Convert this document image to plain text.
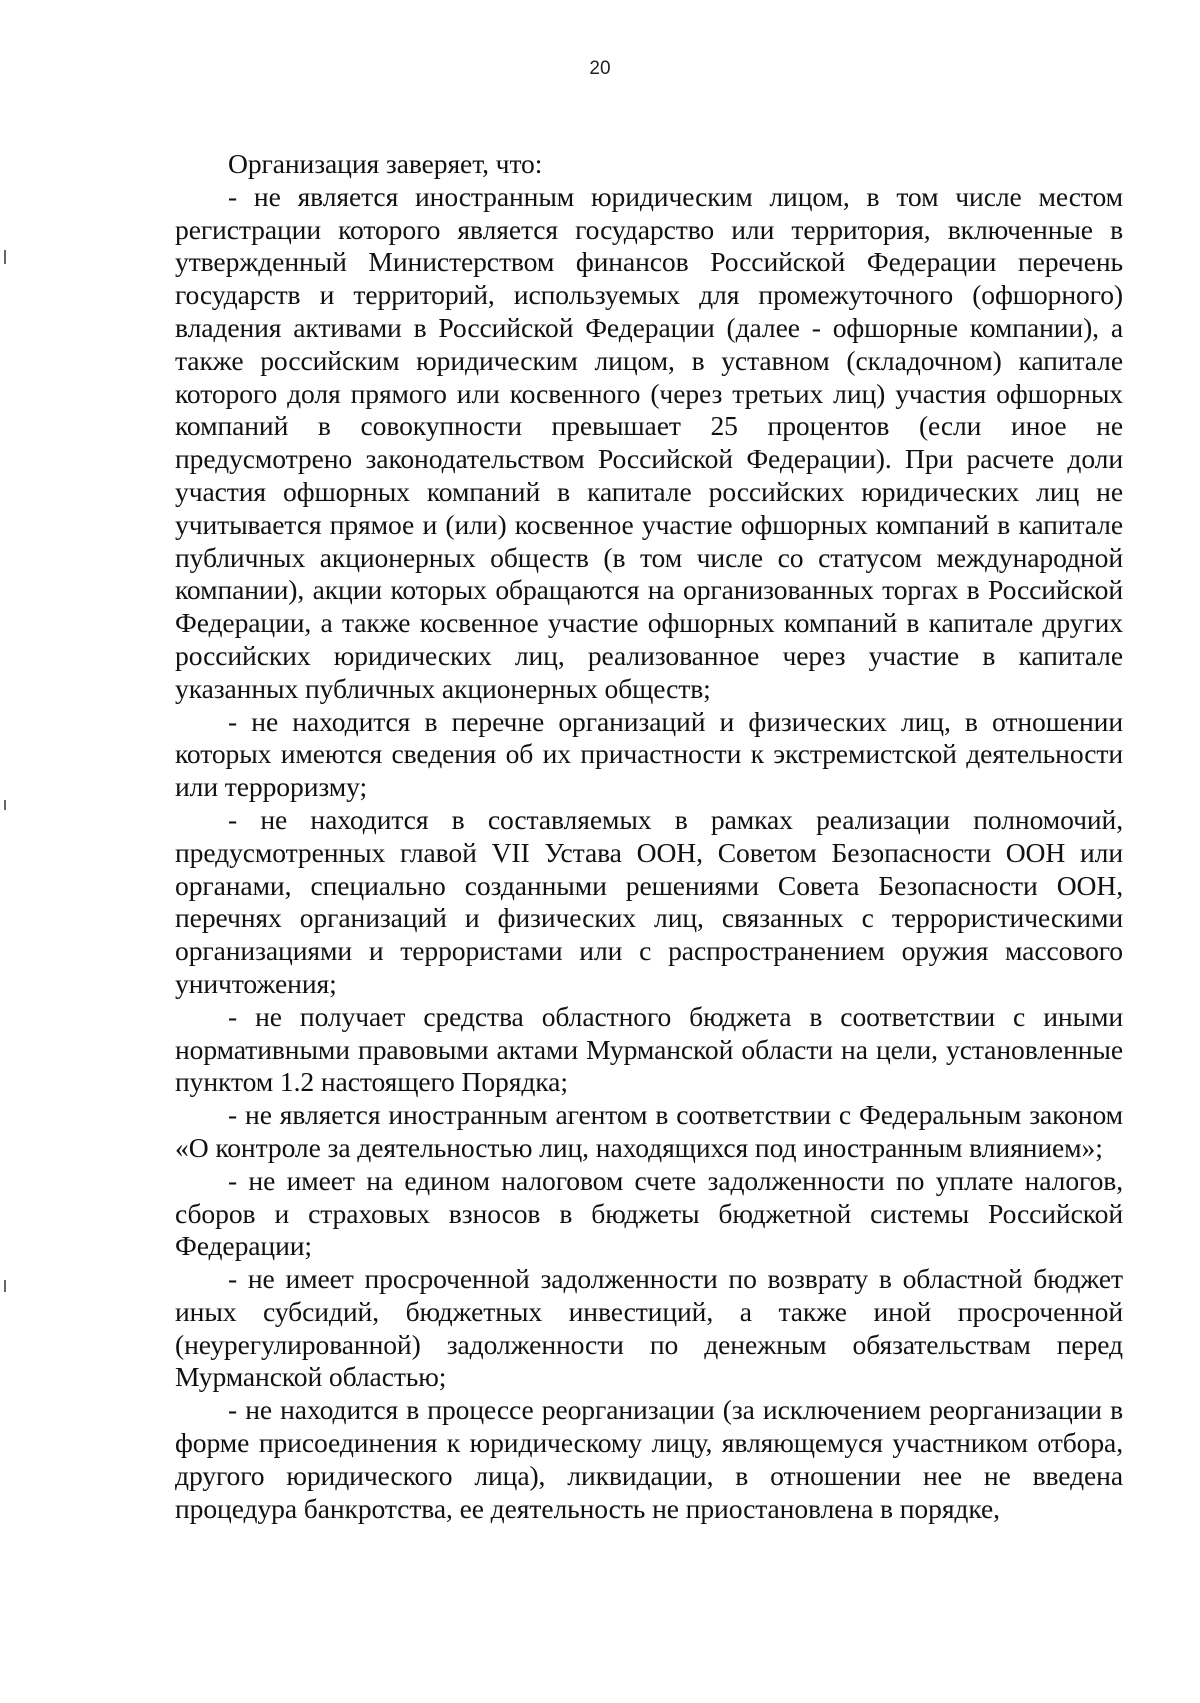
20

Организация заверяет, что:

- не является иностранным юридическим лицом, в том числе местом регистрации которого является государство или территория, включенные в утвержденный Министерством финансов Российской Федерации перечень государств и территорий, используемых для промежуточного (офшорного) владения активами в Российской Федерации (далее - офшорные компании), а также российским юридическим лицом, в уставном (складочном) капитале которого доля прямого или косвенного (через третьих лиц) участия офшорных компаний в совокупности превышает 25 процентов (если иное не предусмотрено законодательством Российской Федерации). При расчете доли участия офшорных компаний в капитале российских юридических лиц не учитывается прямое и (или) косвенное участие офшорных компаний в капитале публичных акционерных обществ (в том числе со статусом международной компании), акции которых обращаются на организованных торгах в Российской Федерации, а также косвенное участие офшорных компаний в капитале других российских юридических лиц, реализованное через участие в капитале указанных публичных акционерных обществ;

- не находится в перечне организаций и физических лиц, в отношении которых имеются сведения об их причастности к экстремистской деятельности или терроризму;

- не находится в составляемых в рамках реализации полномочий, предусмотренных главой VII Устава ООН, Советом Безопасности ООН или органами, специально созданными решениями Совета Безопасности ООН, перечнях организаций и физических лиц, связанных с террористическими организациями и террористами или с распространением оружия массового уничтожения;

- не получает средства областного бюджета в соответствии с иными нормативными правовыми актами Мурманской области на цели, установленные пунктом 1.2 настоящего Порядка;

- не является иностранным агентом в соответствии с Федеральным законом «О контроле за деятельностью лиц, находящихся под иностранным влиянием»;

- не имеет на едином налоговом счете задолженности по уплате налогов, сборов и страховых взносов в бюджеты бюджетной системы Российской Федерации;

- не имеет просроченной задолженности по возврату в областной бюджет иных субсидий, бюджетных инвестиций, а также иной просроченной (неурегулированной) задолженности по денежным обязательствам перед Мурманской областью;

- не находится в процессе реорганизации (за исключением реорганизации в форме присоединения к юридическому лицу, являющемуся участником отбора, другого юридического лица), ликвидации, в отношении нее не введена процедура банкротства, ее деятельность не приостановлена в порядке,
